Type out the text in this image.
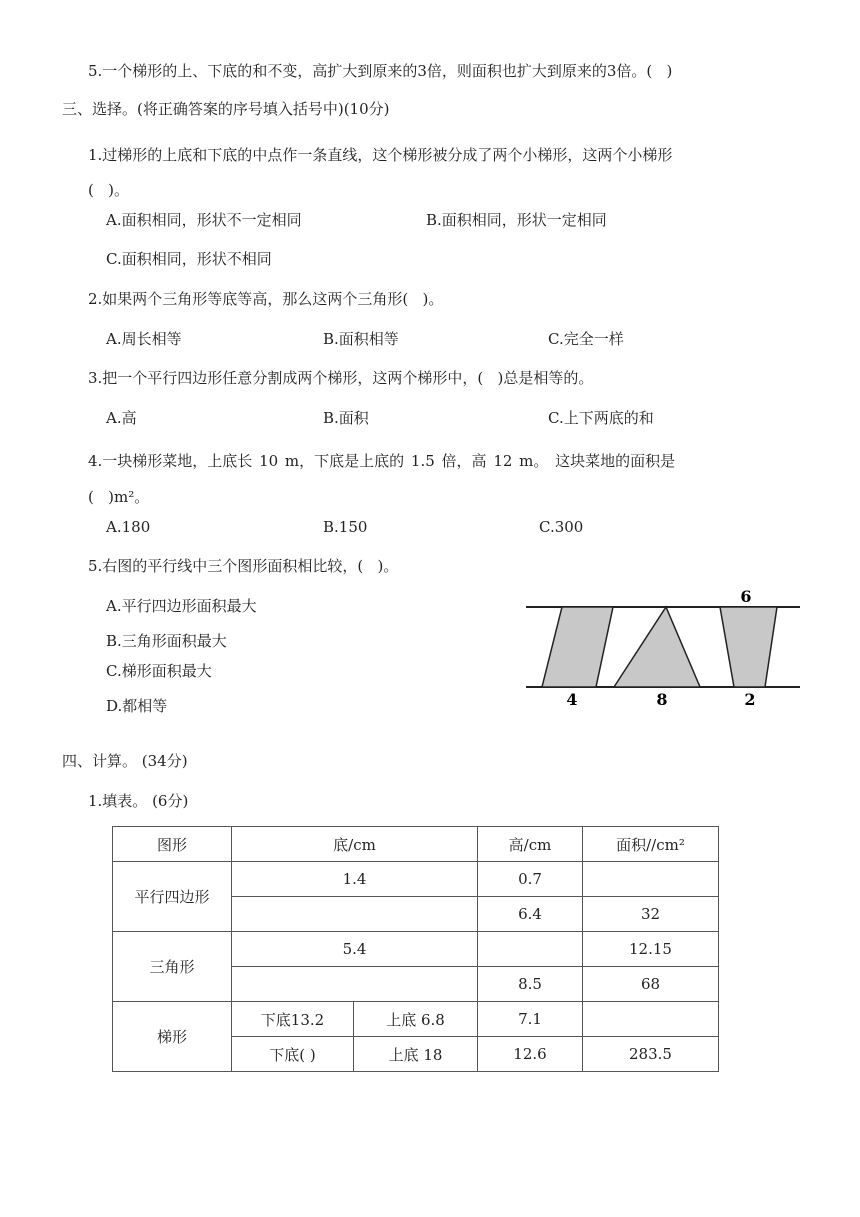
5.一个梯形的上、下底的和不变，高扩大到原来的3倍，则面积也扩大到原来的3倍。(   )
三、选择。(将正确答案的序号填入括号中)(10分)
1.过梯形的上底和下底的中点作一条直线，这个梯形被分成了两个小梯形，这两个小梯形
(   )。
A.面积相同，形状不一定相同	B.面积相同，形状一定相同
C.面积相同，形状不相同
2.如果两个三角形等底等高，那么这两个三角形(   )。
A.周长相等	B.面积相等	C.完全一样
3.把一个平行四边形任意分割成两个梯形，这两个梯形中，(   )总是相等的。
A.高	B.面积	C.上下两底的和
4.一块梯形菜地，上底长 10 m，下底是上底的 1.5 倍，高 12 m。 这块菜地的面积是
(   )m²。
A.180	B.150	C.300
5.右图的平行线中三个图形面积相比较，(   )。
A.平行四边形面积最大
B.三角形面积最大
C.梯形面积最大
D.都相等
6
4	8	2
四、计算。 (34分)
1.填表。 (6分)
图形	底/cm		高/cm	面积//cm²
平行四边形	1.4		0.7	
			6.4	32
三角形	5.4			12.15
			8.5	68
梯形	下底13.2	上底 6.8	7.1	
	下底( )	上底 18	12.6	283.5
